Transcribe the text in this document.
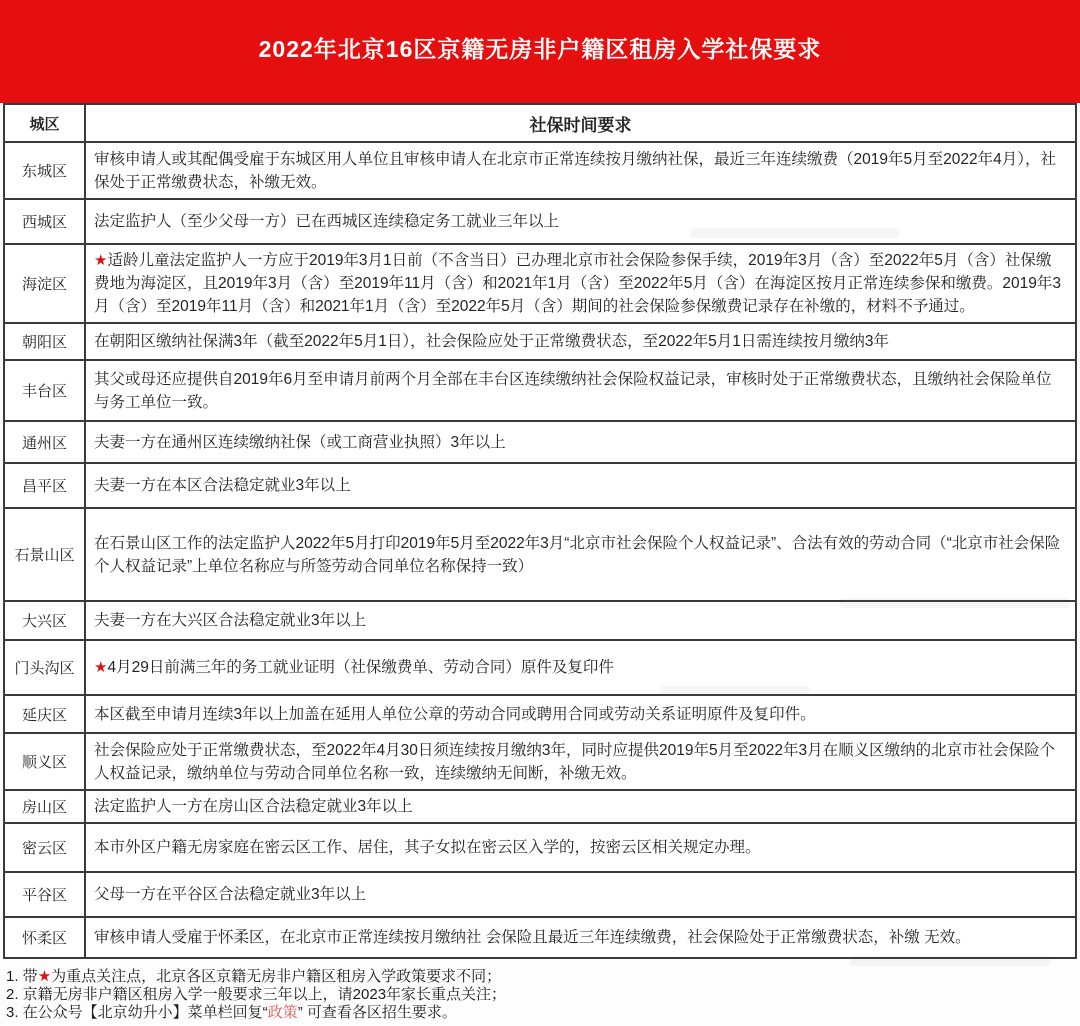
2022年北京16区京籍无房非户籍区租房入学社保要求
城区	社保时间要求
东城区	审核申请人或其配偶受雇于东城区用人单位且审核申请人在北京市正常连续按月缴纳社保，最近三年连续缴费（2019年5月至2022年4月），社保处于正常缴费状态，补缴无效。
西城区	法定监护人（至少父母一方）已在西城区连续稳定务工就业三年以上
海淀区	★适龄儿童法定监护人一方应于2019年3月1日前（不含当日）已办理北京市社会保险参保手续，2019年3月（含）至2022年5月（含）社保缴费地为海淀区，且2019年3月（含）至2019年11月（含）和2021年1月（含）至2022年5月（含）在海淀区按月正常连续参保和缴费。2019年3月（含）至2019年11月（含）和2021年1月（含）至2022年5月（含）期间的社会保险参保缴费记录存在补缴的，材料不予通过。
朝阳区	在朝阳区缴纳社保满3年（截至2022年5月1日），社会保险应处于正常缴费状态，至2022年5月1日需连续按月缴纳3年
丰台区	其父或母还应提供自2019年6月至申请月前两个月全部在丰台区连续缴纳社会保险权益记录，审核时处于正常缴费状态，且缴纳社会保险单位与务工单位一致。
通州区	夫妻一方在通州区连续缴纳社保（或工商营业执照）3年以上
昌平区	夫妻一方在本区合法稳定就业3年以上
石景山区	在石景山区工作的法定监护人2022年5月打印2019年5月至2022年3月“北京市社会保险个人权益记录”、合法有效的劳动合同（“北京市社会保险个人权益记录”上单位名称应与所签劳动合同单位名称保持一致）
大兴区	夫妻一方在大兴区合法稳定就业3年以上
门头沟区	★4月29日前满三年的务工就业证明（社保缴费单、劳动合同）原件及复印件
延庆区	本区截至申请月连续3年以上加盖在延用人单位公章的劳动合同或聘用合同或劳动关系证明原件及复印件。
顺义区	社会保险应处于正常缴费状态，至2022年4月30日须连续按月缴纳3年，同时应提供2019年5月至2022年3月在顺义区缴纳的北京市社会保险个人权益记录，缴纳单位与劳动合同单位名称一致，连续缴纳无间断，补缴无效。
房山区	法定监护人一方在房山区合法稳定就业3年以上
密云区	本市外区户籍无房家庭在密云区工作、居住，其子女拟在密云区入学的，按密云区相关规定办理。
平谷区	父母一方在平谷区合法稳定就业3年以上
怀柔区	审核申请人受雇于怀柔区，在北京市正常连续按月缴纳社 会保险且最近三年连续缴费，社会保险处于正常缴费状态，补缴 无效。

1. 带★为重点关注点，北京各区京籍无房非户籍区租房入学政策要求不同；

2. 京籍无房非户籍区租房入学一般要求三年以上，请2023年家长重点关注；

3. 在公众号【北京幼升小】菜单栏回复“政策” 可查看各区招生要求。
